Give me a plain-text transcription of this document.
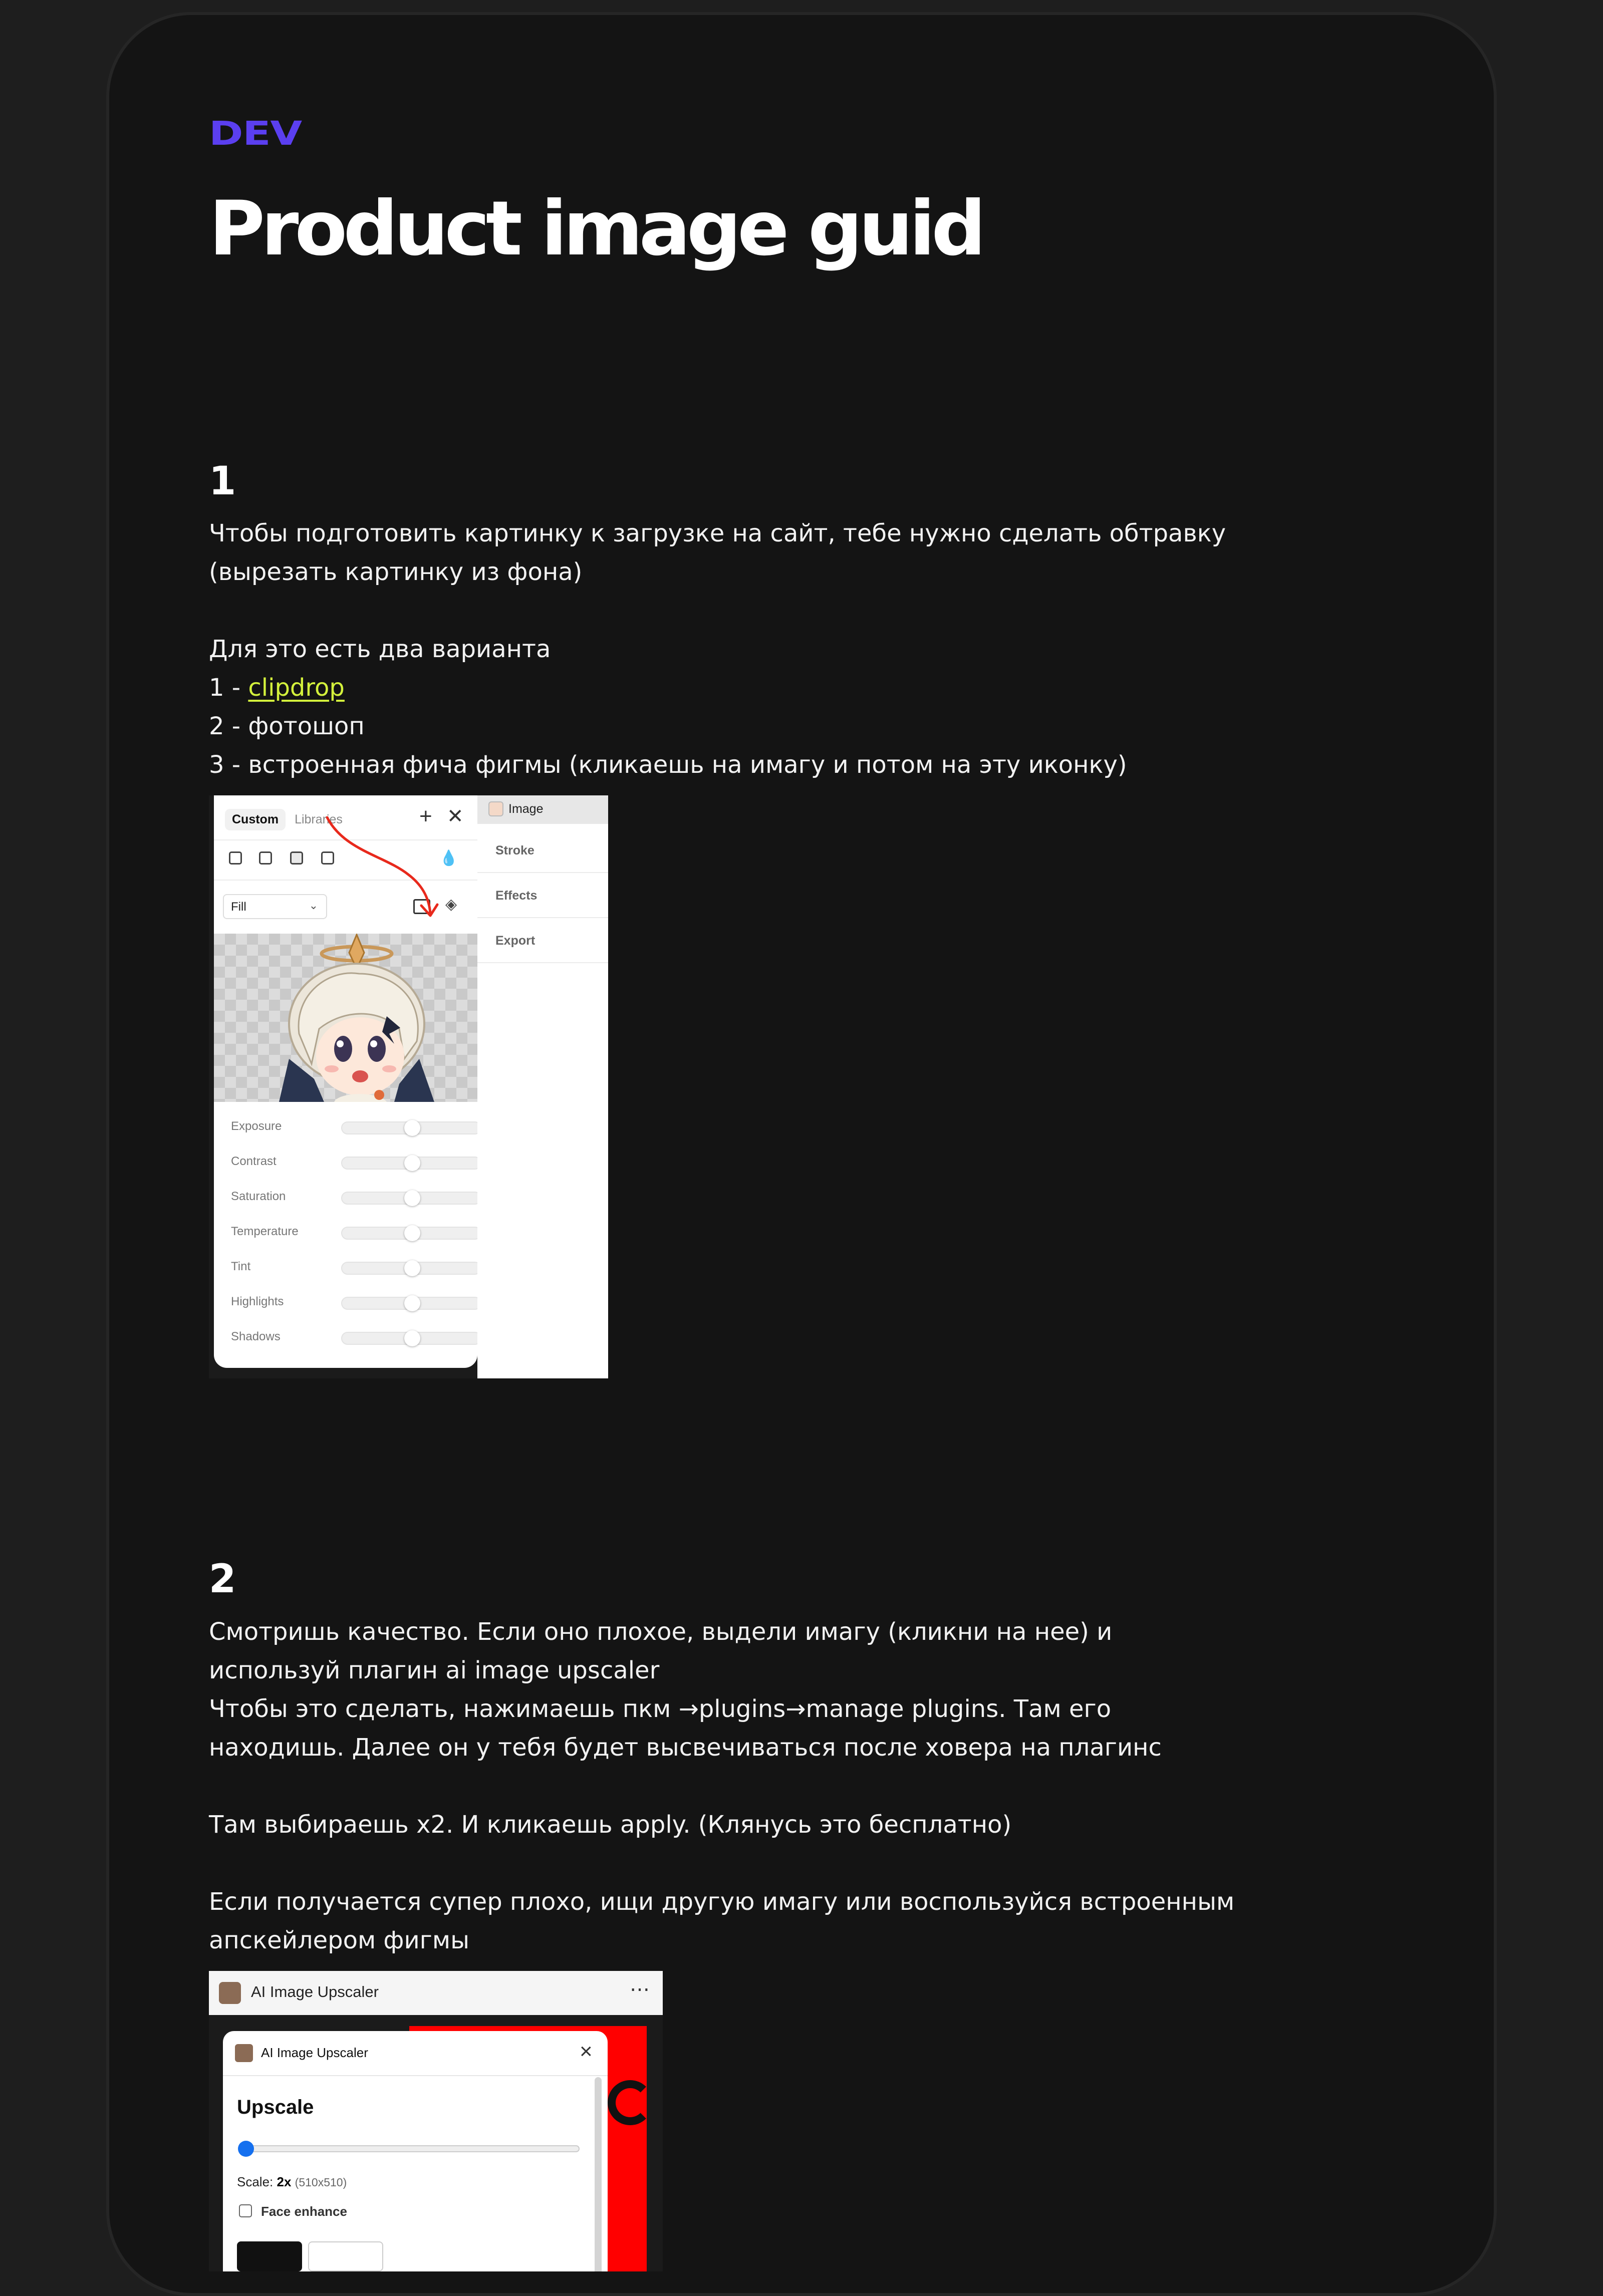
DEV
Product image guid
1

Чтобы подготовить картинку к загрузке на сайт, тебе нужно сделать обтравку

(вырезать картинку из фона)

Для это есть два варианта

1 - clipdrop

2 - фотошоп

3 - встроенная фича фигмы (кликаешь на имагу и потом на эту иконку)

Custom	Libraries	+ ✕
💧
Fill	⌄	◈
Exposure
Contrast
Saturation
Temperature
Tint
Highlights
Shadows
Image
Stroke
Effects
Export
2

Смотришь качество. Если оно плохое, выдели имагу (кликни на нее) и

используй плагин ai image upscaler

Чтобы это сделать, нажимаешь пкм →plugins→manage plugins. Там его

находишь. Далее он у тебя будет высвечиваться после ховера на плагинс

Там выбираешь x2. И кликаешь apply. (Клянусь это бесплатно)

Если получается супер плохо, ищи другую имагу или воспользуйся встроенным

апскейлером фигмы

AI Image Upscaler	⋯
AI Image Upscaler	×
Upscale
Scale: 2x (510x510)
Face enhance
